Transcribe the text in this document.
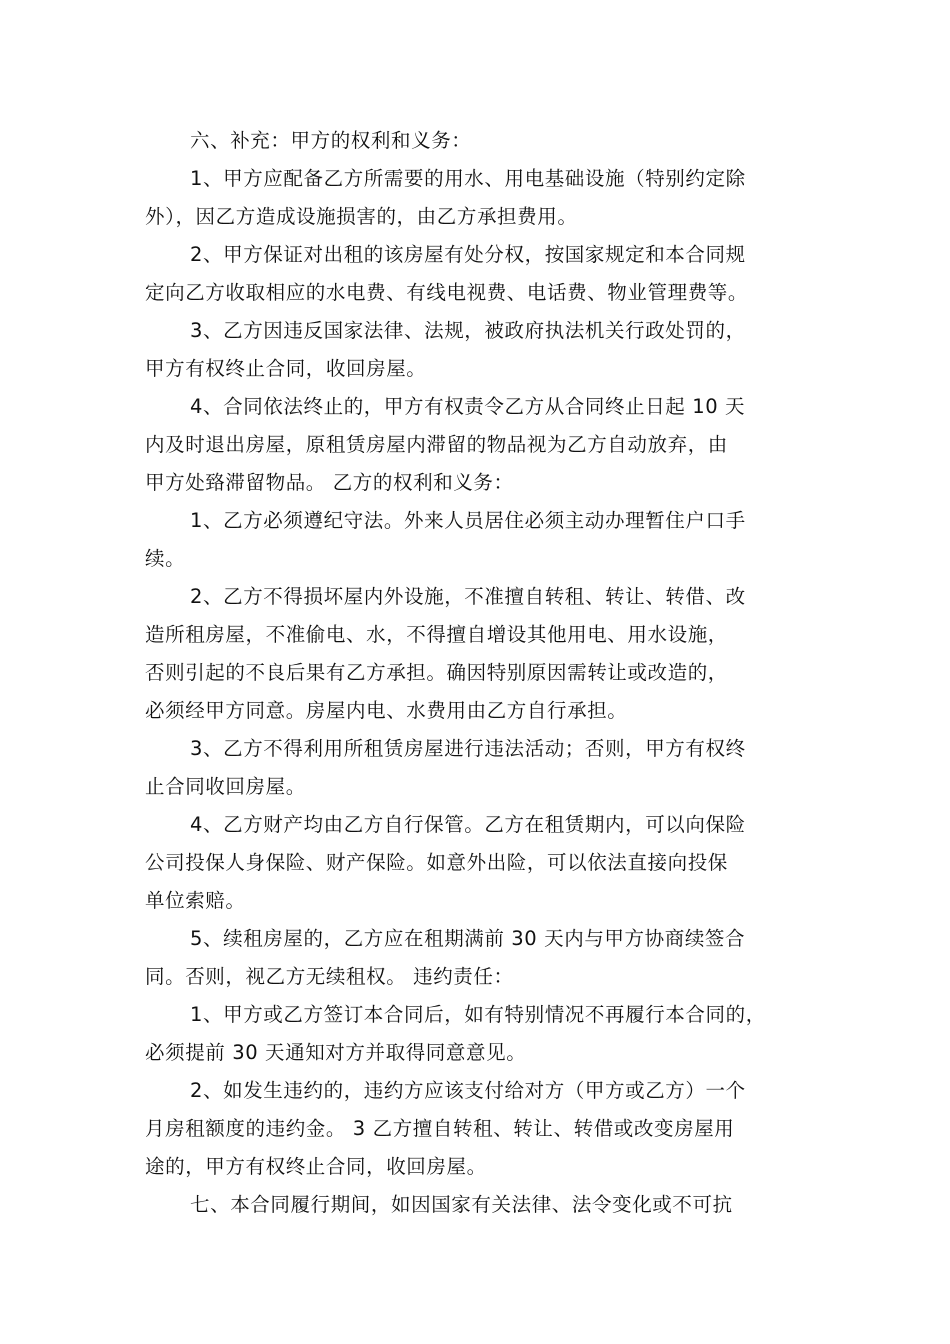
六、补充：甲方的权利和义务：
1、甲方应配备乙方所需要的用水、用电基础设施（特别约定除
外），因乙方造成设施损害的，由乙方承担费用。
2、甲方保证对出租的该房屋有处分权，按国家规定和本合同规
定向乙方收取相应的水电费、有线电视费、电话费、物业管理费等。
3、乙方因违反国家法律、法规，被政府执法机关行政处罚的，
甲方有权终止合同，收回房屋。
4、合同依法终止的，甲方有权责令乙方从合同终止日起 10 天
内及时退出房屋，原租赁房屋内滞留的物品视为乙方自动放弃，由
甲方处臵滞留物品。 乙方的权利和义务：
1、乙方必须遵纪守法。外来人员居住必须主动办理暂住户口手
续。
2、乙方不得损坏屋内外设施，不准擅自转租、转让、转借、改
造所租房屋，不准偷电、水，不得擅自增设其他用电、用水设施，
否则引起的不良后果有乙方承担。确因特别原因需转让或改造的，
必须经甲方同意。房屋内电、水费用由乙方自行承担。
3、乙方不得利用所租赁房屋进行违法活动；否则，甲方有权终
止合同收回房屋。
4、乙方财产均由乙方自行保管。乙方在租赁期内，可以向保险
公司投保人身保险、财产保险。如意外出险，可以依法直接向投保
单位索赔。
5、续租房屋的，乙方应在租期满前 30 天内与甲方协商续签合
同。否则，视乙方无续租权。 违约责任：
1、甲方或乙方签订本合同后，如有特别情况不再履行本合同的，
必须提前 30 天通知对方并取得同意意见。
2、如发生违约的，违约方应该支付给对方（甲方或乙方）一个
月房租额度的违约金。 3 乙方擅自转租、转让、转借或改变房屋用
途的，甲方有权终止合同，收回房屋。
七、本合同履行期间，如因国家有关法律、法令变化或不可抗
